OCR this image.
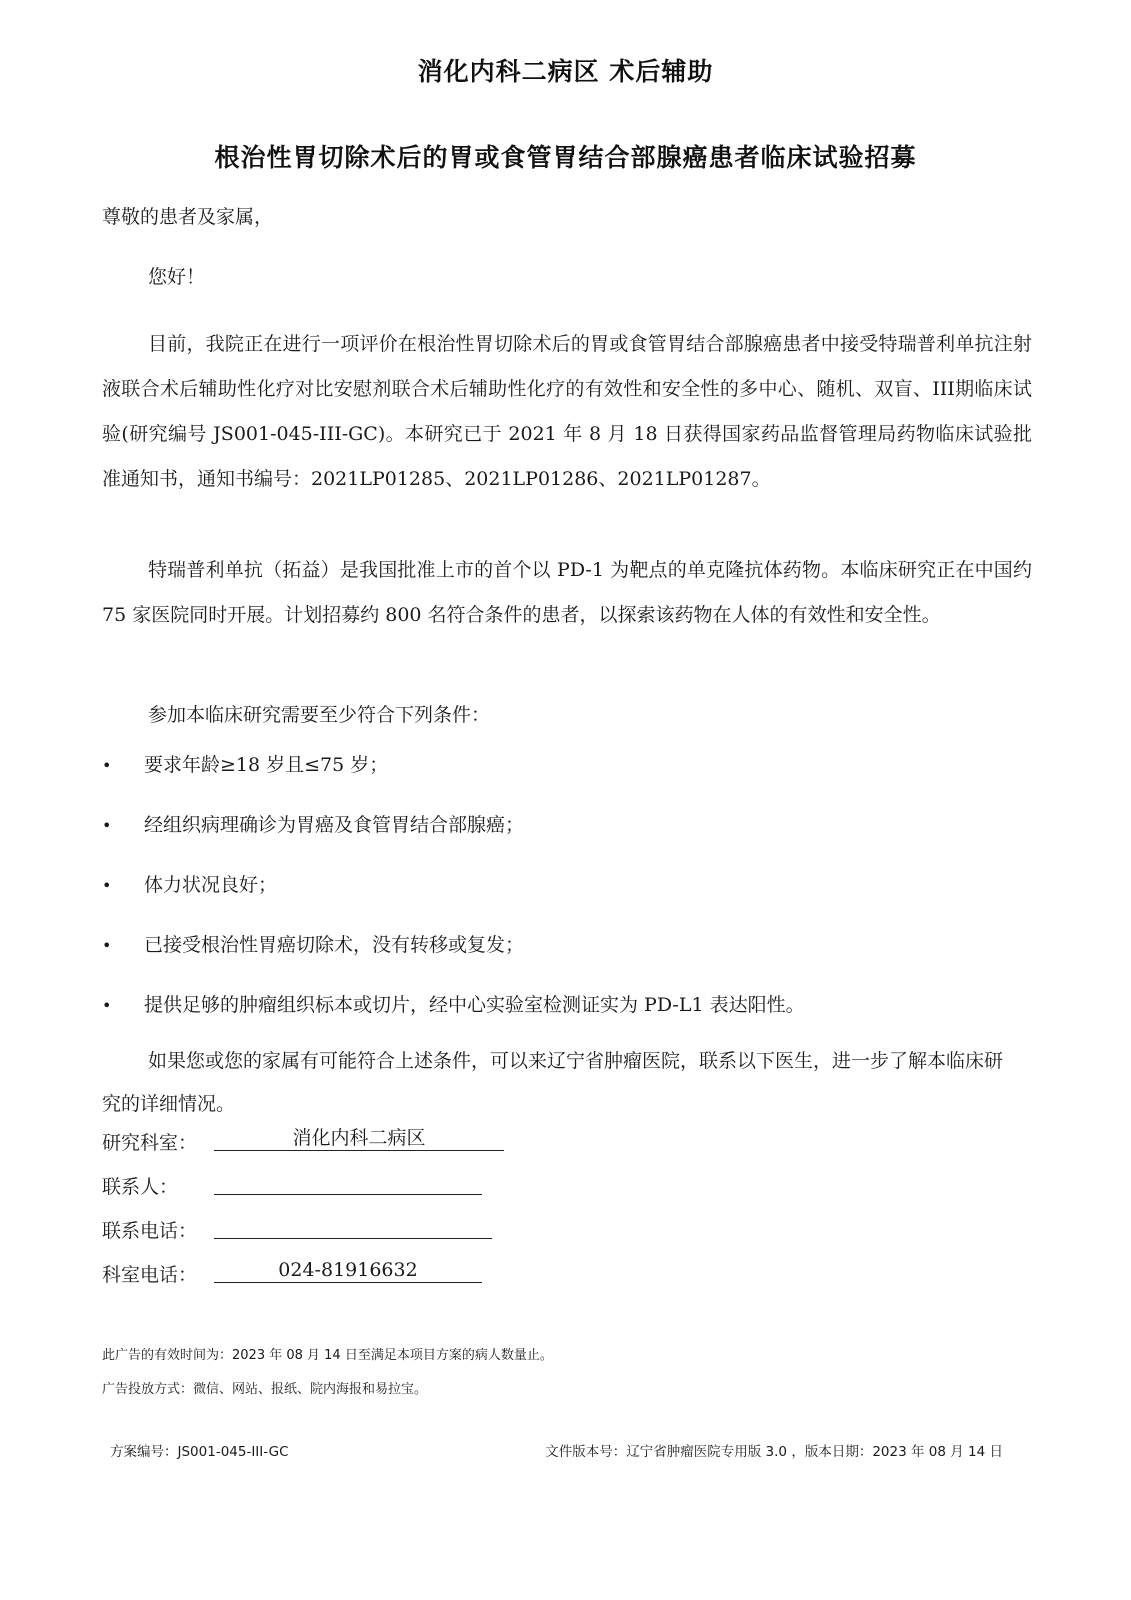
消化内科二病区 术后辅助
根治性胃切除术后的胃或食管胃结合部腺癌患者临床试验招募
尊敬的患者及家属，
您好！
目前，我院正在进行一项评价在根治性胃切除术后的胃或食管胃结合部腺癌患者中接受特瑞普利单抗注射液联合术后辅助性化疗对比安慰剂联合术后辅助性化疗的有效性和安全性的多中心、随机、双盲、III期临床试验(研究编号 JS001-045-III-GC)。本研究已于 2021 年 8 月 18 日获得国家药品监督管理局药物临床试验批准通知书，通知书编号：2021LP01285、2021LP01286、2021LP01287。
特瑞普利单抗（拓益）是我国批准上市的首个以 PD-1 为靶点的单克隆抗体药物。本临床研究正在中国约 75 家医院同时开展。计划招募约 800 名符合条件的患者，以探索该药物在人体的有效性和安全性。
参加本临床研究需要至少符合下列条件：
• 要求年龄≥18 岁且≤75 岁；
• 经组织病理确诊为胃癌及食管胃结合部腺癌；
• 体力状况良好；
• 已接受根治性胃癌切除术，没有转移或复发；
• 提供足够的肿瘤组织标本或切片，经中心实验室检测证实为 PD-L1 表达阳性。
如果您或您的家属有可能符合上述条件，可以来辽宁省肿瘤医院，联系以下医生，进一步了解本临床研究的详细情况。
研究科室：	消化内科二病区
联系人：
联系电话：
科室电话：	024-81916632
此广告的有效时间为：2023 年 08 月 14 日至满足本项目方案的病人数量止。
广告投放方式：微信、网站、报纸、院内海报和易拉宝。
方案编号：JS001-045-III-GC	文件版本号：辽宁省肿瘤医院专用版 3.0 ，版本日期：2023 年 08 月 14 日
